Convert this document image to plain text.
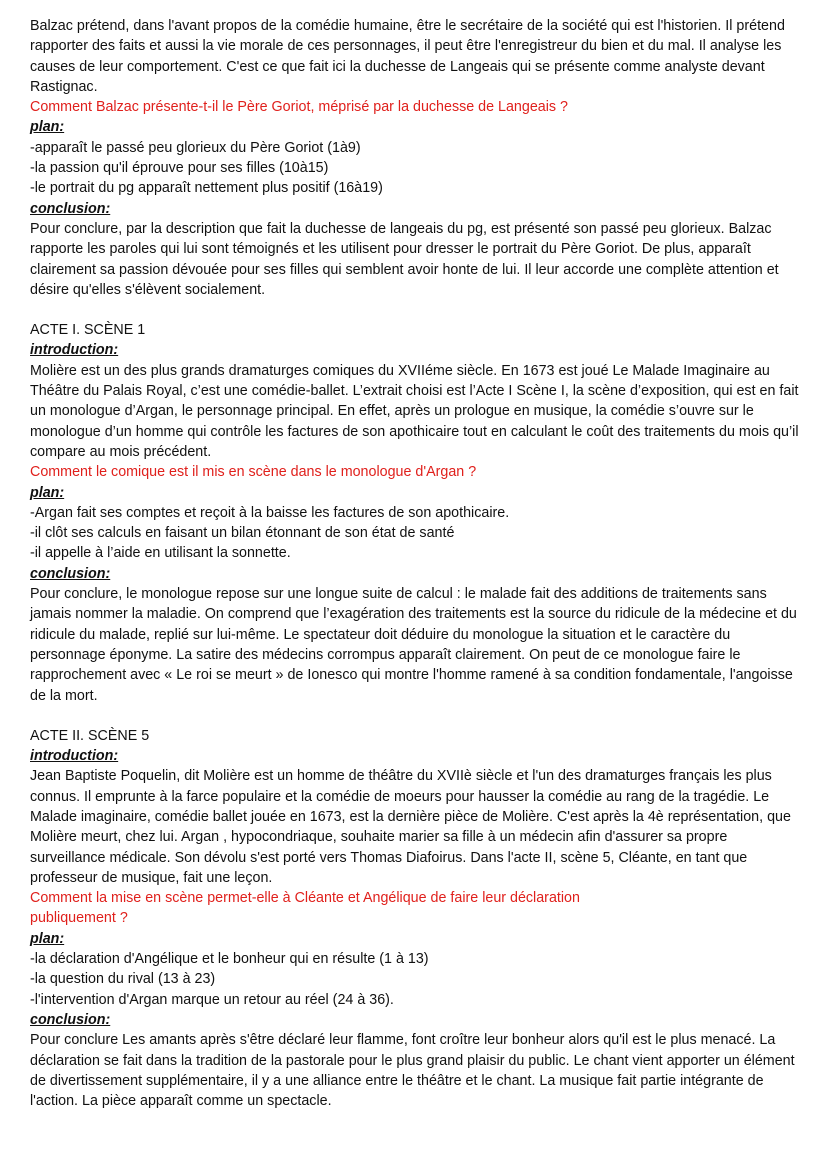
Balzac prétend, dans l'avant propos de la comédie humaine, être le secrétaire de la société qui est l'historien. Il prétend rapporter des faits et aussi la vie morale de ces personnages, il peut être l'enregistreur du bien et du mal. Il analyse les causes de leur comportement. C'est ce que fait ici la duchesse de Langeais qui se présente comme analyste devant Rastignac.

Comment Balzac présente-t-il le Père Goriot, méprisé par la duchesse de Langeais ?

plan:

-apparaît le passé peu glorieux du Père Goriot (1à9)

-la passion qu'il éprouve pour ses filles (10à15)

-le portrait du pg apparaît nettement plus positif (16à19)

conclusion:

Pour conclure, par la description que fait la duchesse de langeais du pg, est présenté son passé peu glorieux. Balzac rapporte les paroles qui lui sont témoignés et les utilisent pour dresser le portrait du Père Goriot. De plus, apparaît clairement sa passion dévouée pour ses filles qui semblent avoir honte de lui. Il leur accorde une complète attention et désire qu'elles s'élèvent socialement.

ACTE I. SCÈNE 1

introduction:

Molière est un des plus grands dramaturges comiques du XVIIéme siècle. En 1673 est joué Le Malade Imaginaire au Théâtre du Palais Royal, c’est une comédie-ballet. L’extrait choisi est l’Acte I Scène I, la scène d’exposition, qui est en fait un monologue d’Argan, le personnage principal. En effet, après un prologue en musique, la comédie s’ouvre sur le monologue d’un homme qui contrôle les factures de son apothicaire tout en calculant le coût des traitements du mois qu’il compare au mois précédent.

Comment le comique est il mis en scène dans le monologue d'Argan ?

plan:

-Argan fait ses comptes et reçoit à la baisse les factures de son apothicaire.

-il clôt ses calculs en faisant un bilan étonnant de son état de santé

-il appelle à l’aide en utilisant la sonnette.

conclusion:

Pour conclure, le monologue repose sur une longue suite de calcul : le malade fait des additions de traitements sans jamais nommer la maladie. On comprend que l’exagération des traitements est la source du ridicule de la médecine et du ridicule du malade, replié sur lui-même. Le spectateur doit déduire du monologue la situation et le caractère du personnage éponyme. La satire des médecins corrompus apparaît clairement. On peut de ce monologue faire le rapprochement avec « Le roi se meurt » de Ionesco qui montre l'homme ramené à sa condition fondamentale, l'angoisse de la mort.

ACTE II. SCÈNE 5

introduction:

Jean Baptiste Poquelin, dit Molière est un homme de théâtre du XVIIè siècle et l'un des dramaturges français les plus connus. Il emprunte à la farce populaire et la comédie de moeurs pour hausser la comédie au rang de la tragédie. Le Malade imaginaire, comédie ballet jouée en 1673, est la dernière pièce de Molière. C'est après la 4è représentation, que Molière meurt, chez lui. Argan , hypocondriaque, souhaite marier sa fille à un médecin afin d'assurer sa propre surveillance médicale. Son dévolu s'est porté vers Thomas Diafoirus. Dans l'acte II, scène 5, Cléante, en tant que professeur de musique, fait une leçon.

Comment la mise en scène permet-elle à Cléante et Angélique de faire leur déclaration

publiquement ?

plan:

-la déclaration d'Angélique et le bonheur qui en résulte (1 à 13)

-la question du rival (13 à 23)

-l'intervention d'Argan marque un retour au réel (24 à 36).

conclusion:

Pour conclure Les amants après s'être déclaré leur flamme, font croître leur bonheur alors qu'il est le plus menacé. La déclaration se fait dans la tradition de la pastorale pour le plus grand plaisir du public. Le chant vient apporter un élément de divertissement supplémentaire, il y a une alliance entre le théâtre et le chant. La musique fait partie intégrante de l'action. La pièce apparaît comme un spectacle.
